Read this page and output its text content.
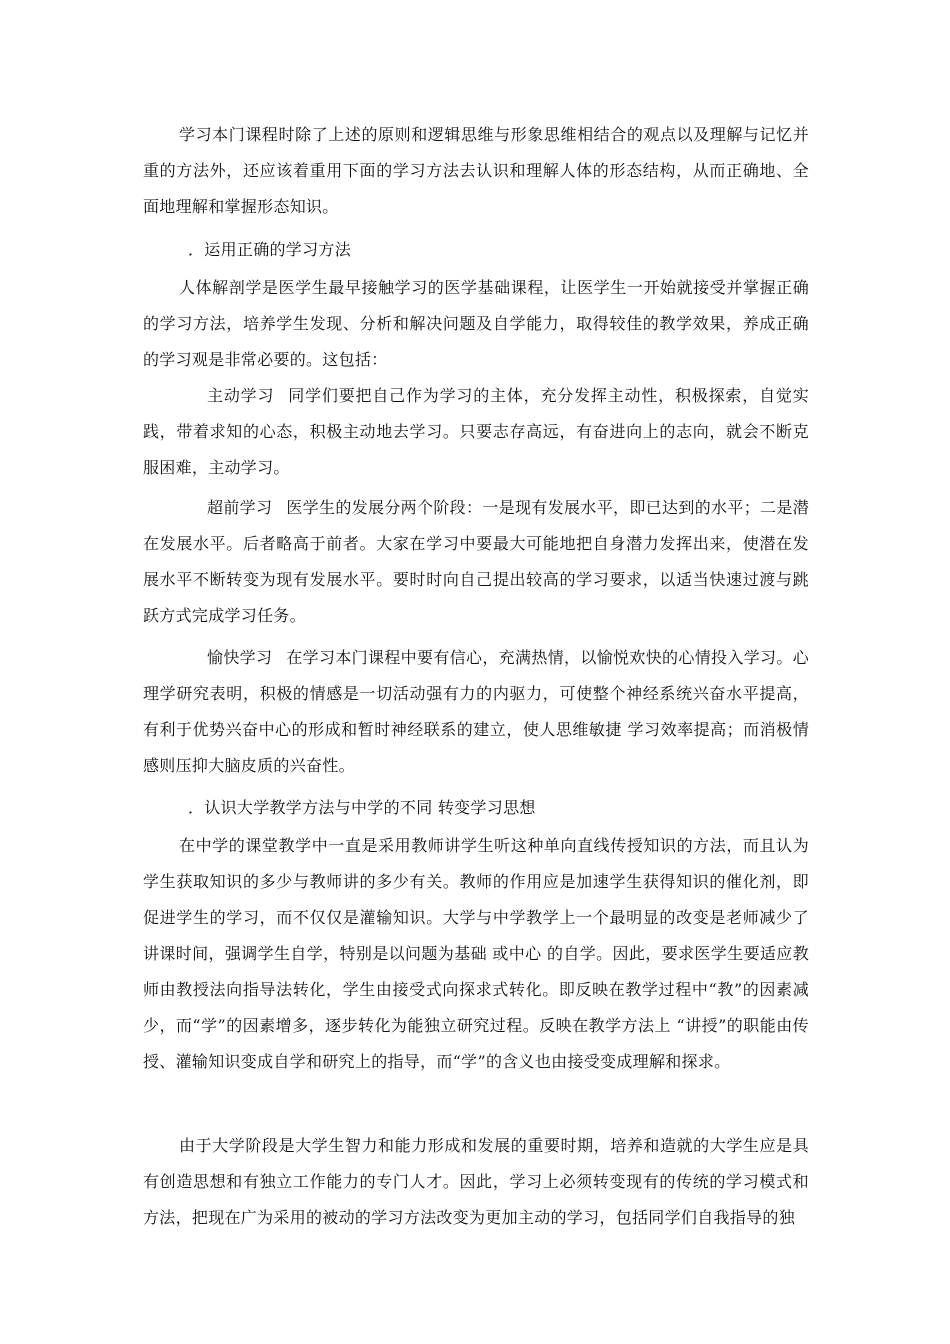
学习本门课程时除了上述的原则和逻辑思维与形象思维相结合的观点以及理解与记忆并重的方法外，还应该着重用下面的学习方法去认识和理解人体的形态结构，从而正确地、全面地理解和掌握形态知识。

．运用正确的学习方法

人体解剖学是医学生最早接触学习的医学基础课程，让医学生一开始就接受并掌握正确的学习方法，培养学生发现、分析和解决问题及自学能力，取得较佳的教学效果，养成正确的学习观是非常必要的。这包括：

主动学习 同学们要把自己作为学习的主体，充分发挥主动性，积极探索，自觉实践，带着求知的心态，积极主动地去学习。只要志存高远，有奋进向上的志向，就会不断克服困难，主动学习。

超前学习 医学生的发展分两个阶段：一是现有发展水平，即已达到的水平；二是潜在发展水平。后者略高于前者。大家在学习中要最大可能地把自身潜力发挥出来，使潜在发展水平不断转变为现有发展水平。要时时向自己提出较高的学习要求，以适当快速过渡与跳跃方式完成学习任务。

愉快学习 在学习本门课程中要有信心，充满热情，以愉悦欢快的心情投入学习。心理学研究表明，积极的情感是一切活动强有力的内驱力，可使整个神经系统兴奋水平提高，有利于优势兴奋中心的形成和暂时神经联系的建立，使人思维敏捷 学习效率提高；而消极情感则压抑大脑皮质的兴奋性。

．认识大学教学方法与中学的不同 转变学习思想

在中学的课堂教学中一直是采用教师讲学生听这种单向直线传授知识的方法，而且认为学生获取知识的多少与教师讲的多少有关。教师的作用应是加速学生获得知识的催化剂，即促进学生的学习，而不仅仅是灌输知识。大学与中学教学上一个最明显的改变是老师减少了讲课时间，强调学生自学，特别是以问题为基础 或中心 的自学。因此，要求医学生要适应教师由教授法向指导法转化，学生由接受式向探求式转化。即反映在教学过程中“教”的因素减少，而“学”的因素增多，逐步转化为能独立研究过程。反映在教学方法上 “讲授”的职能由传授、灌输知识变成自学和研究上的指导，而“学”的含义也由接受变成理解和探求。

由于大学阶段是大学生智力和能力形成和发展的重要时期，培养和造就的大学生应是具有创造思想和有独立工作能力的专门人才。因此，学习上必须转变现有的传统的学习模式和方法，把现在广为采用的被动的学习方法改变为更加主动的学习，包括同学们自我指导的独
